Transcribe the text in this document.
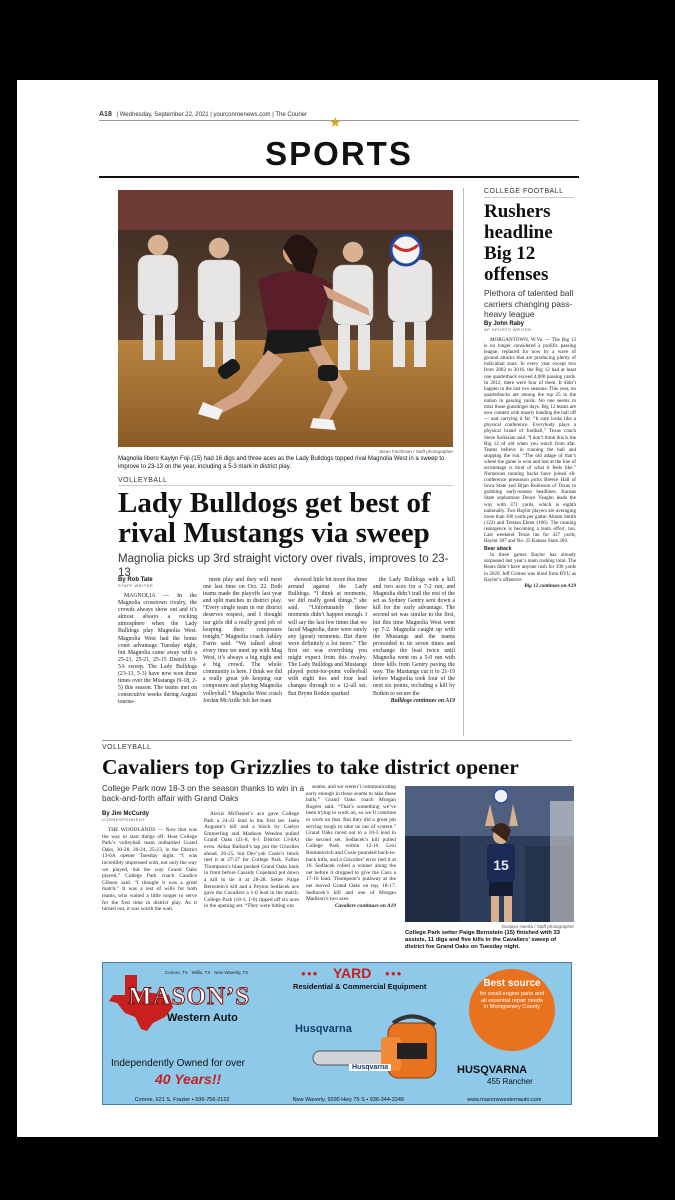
A18 | Wednesday, September 22, 2021 | yourconroenews.com | The Courier
★
SPORTS
Jason Fochtman / Staff photographer
Magnolia libero Kaylyn Foji (15) had 16 digs and three aces as the Lady Bulldogs topped rival Magnolia West in a sweep to improve to 23-13 on the year, including a 5-3 mark in district play.
VOLLEYBALL
Lady Bulldogs get best of rival Mustangs via sweep
Magnolia picks up 3rd straight victory over rivals, improves to 23-13
By Rob Tate
STAFF WRITER

MAGNOLIA — In the Magnolia crosstown rivalry, the crowds always show out and it’s almost always a rocking atmosphere when the Lady Bulldogs play Magnolia West. Magnolia West had the home court advantage Tuesday night, but Magnolia came away with a 25-21, 25-21, 25-15 District 19-5A sweep. The Lady Bulldogs (23-13, 5-3) have now won three times over the Mustangs (9-18, 2-5) this season. The teams met on consecutive weeks during August tourna-

ment play and they will meet one last time on Oct. 22. Both teams made the playoffs last year and split matches in district play. “Every single team in our district deserves respect, and I thought our girls did a really good job of keeping their composure tonight,” Magnolia coach Ashley Farris said. “We talked about every time we meet up with Mag West, it’s always a big night and a big crowd. The whole community is here. I think we did a really great job keeping our composure and playing Magnolia volleyball.” Magnolia West coach Jordan McArdle felt her team

showed little bit more this time around against the Lady Bulldogs. “I think at moments, we did really good things,” she said. “Unfortunately those moments didn’t happen enough. I will say the last few times that we faced Magnolia, there were rarely any (great) moments. But there were definitely a lot more.” The first set was everything you might expect from this rivalry. The Lady Bulldogs and Mustangs played point-for-point volleyball with eight ties and four lead changes through to a 12-all set. But Brynn Botkin sparked

the Lady Bulldogs with a kill and two aces for a 7-2 run, and Magnolia didn’t trail the rest of the set as Sydney Gentry sent down a kill for the early advantage. The second set was similar to the first, but this time Magnolia West went up 7-2. Magnolia caught up with the Mustangs and the teams proceeded to tie seven times and exchange the lead twice until Magnolia went on a 5-0 run with three kills from Gentry paving the way. The Mustangs cut it to 21-19 before Magnolia took four of the next six points, including a kill by Botkin to secure the

Bulldogs continues on A19
COLLEGE FOOTBALL
Rushers headline Big 12 offenses
Plethora of talented ball carriers changing pass-heavy league
By John Raby
AP SPORTS WRITER

MORGANTOWN, W.Va. — The Big 12 is no longer considered a prolific passing league, replaced for now by a wave of ground attacks that are producing plenty of individual stars. In every year except two from 2002 to 2016, the Big 12 had at least one quarterback exceed 4,000 passing yards. In 2012, there were four of them. It didn’t happen in the last two seasons. This year, no quarterbacks are among the top 25 in the nation in passing yards. No one seems to miss those gunslinger days. Big 12 teams are now content with mostly handing the ball off — and carrying it far. “It sure looks like a physical conference. Everybody plays a physical brand of football,” Texas coach Steve Sarkisian said. “I don’t think this is the Big 12 of old when you watch from afar. Teams believe in running the ball and stopping the run. “The old adage of that’s where the game is won and lost at the line of scrimmage is kind of what it feels like.” Numerous running backs have joined all-conference preseason picks Breece Hall of Iowa State and Bijan Robinson of Texas in grabbing early-season headlines. Kansas State sophomore Deuce Vaughn leads the way with 371 yards, which is eighth nationally. Two Baylor players are averaging more than 100 yards per game: Abram Smith (122) and Trestan Ebner (106). The running resurgence is becoming a team effort, too. Last weekend Texas ran for 427 yards, Baylor 307 and No. 25 Kansas State 269.

Bear attack

In three games Baylor has already surpassed last year’s team rushing total. The Bears didn’t have anyone rush for 100 yards in 2020. Jeff Grimes was hired from BYU as Baylor’s offensive

Big 12 continues on A19
VOLLEYBALL
Cavaliers top Grizzlies to take district opener
College Park now 18-3 on the season thanks to win in a back-and-forth affair with Grand Oaks
By Jim McCurdy
CORRESPONDENT

THE WOODLANDS — Now that was the way to start things off. Host College Park’s volleyball team outbattled Grand Oaks, 30-28, 26-24, 25-23, in the District 13-6A opener Tuesday night. “I was incredibly impressed with, not only the way we played, but the way Grand Oaks played,” College Park coach Candice Gibson said. “I thought it was a great match.” It was a test of wills for both teams, who waited a little longer to serve for the first time in district play. As it turned out, it was worth the wait.

Alexis McDaniel’s ace gave College Park a 24-22 lead in the first set. Jaela Auguste’s kill and a block by Caelyn Emmerling and Madison Weedon pulled Grand Oaks (21-8, 0-1 District 13-6A) even. Aidan Ballard’s tap put the Grizzlies ahead, 26-25, but Dev’yah Cosie’s block tied it at 27-27 for College Park. Fallon Thompson’s blast pushed Grand Oaks back in front before Cassidy Copeland put down a kill to tie it at 28-28. Setter Paige Bernstein’s kill and a Peyton Sedlacek ace gave the Cavaliers a 1-0 lead in the match. College Park (18-3, 1-0) ripped off six aces in the opening set. “They were hitting our

seams, and we weren’t communicating early enough in those seams to take these balls,” Grand Oaks coach Morgan Rogers said. “That’s something we’ve been trying to work on, so we’ll continue to work on that. But they did a great job serving tough to take us out of system.” Grand Oaks raced out to a 10-5 lead in the second set. Sedlacek’s kill pulled College Park within 12-10. Lexi Romanovich and Cosie pounded back-to-back kills, and a Grizzlies’ error tied it at 16. Sedlacek rolled a winner along the net before it dropped to give the Cavs a 17-16 lead. Thompson’s putaway at the net moved Grand Oaks on top, 18-17. Sedlacek’s kill and one of Morgan Madison’s two aces

Cavaliers continues on A19
15
Gustavo Huerta / Staff photographer
College Park setter Paige Bernstein (15) finished with 33 assists, 11 digs and five kills in the Cavaliers’ sweep of district foe Grand Oaks on Tuesday night.
MASON’S
Western Auto
Conroe, TX   Willis, TX   New Waverly, TX
Independently Owned for over
40 Years!!
●●● YARD ●●●
Residential & Commercial Equipment
Husqvarna
Husqvarna
Best source
for small engine parts and all essential repair needs in Montgomery County
HUSQVARNA
455 Rancher
Conroe, 621 S. Frazier • 936-756-2122	New Waverly, 9290 Hwy 75 S • 936-344-2249	www.masonswesternauto.com
